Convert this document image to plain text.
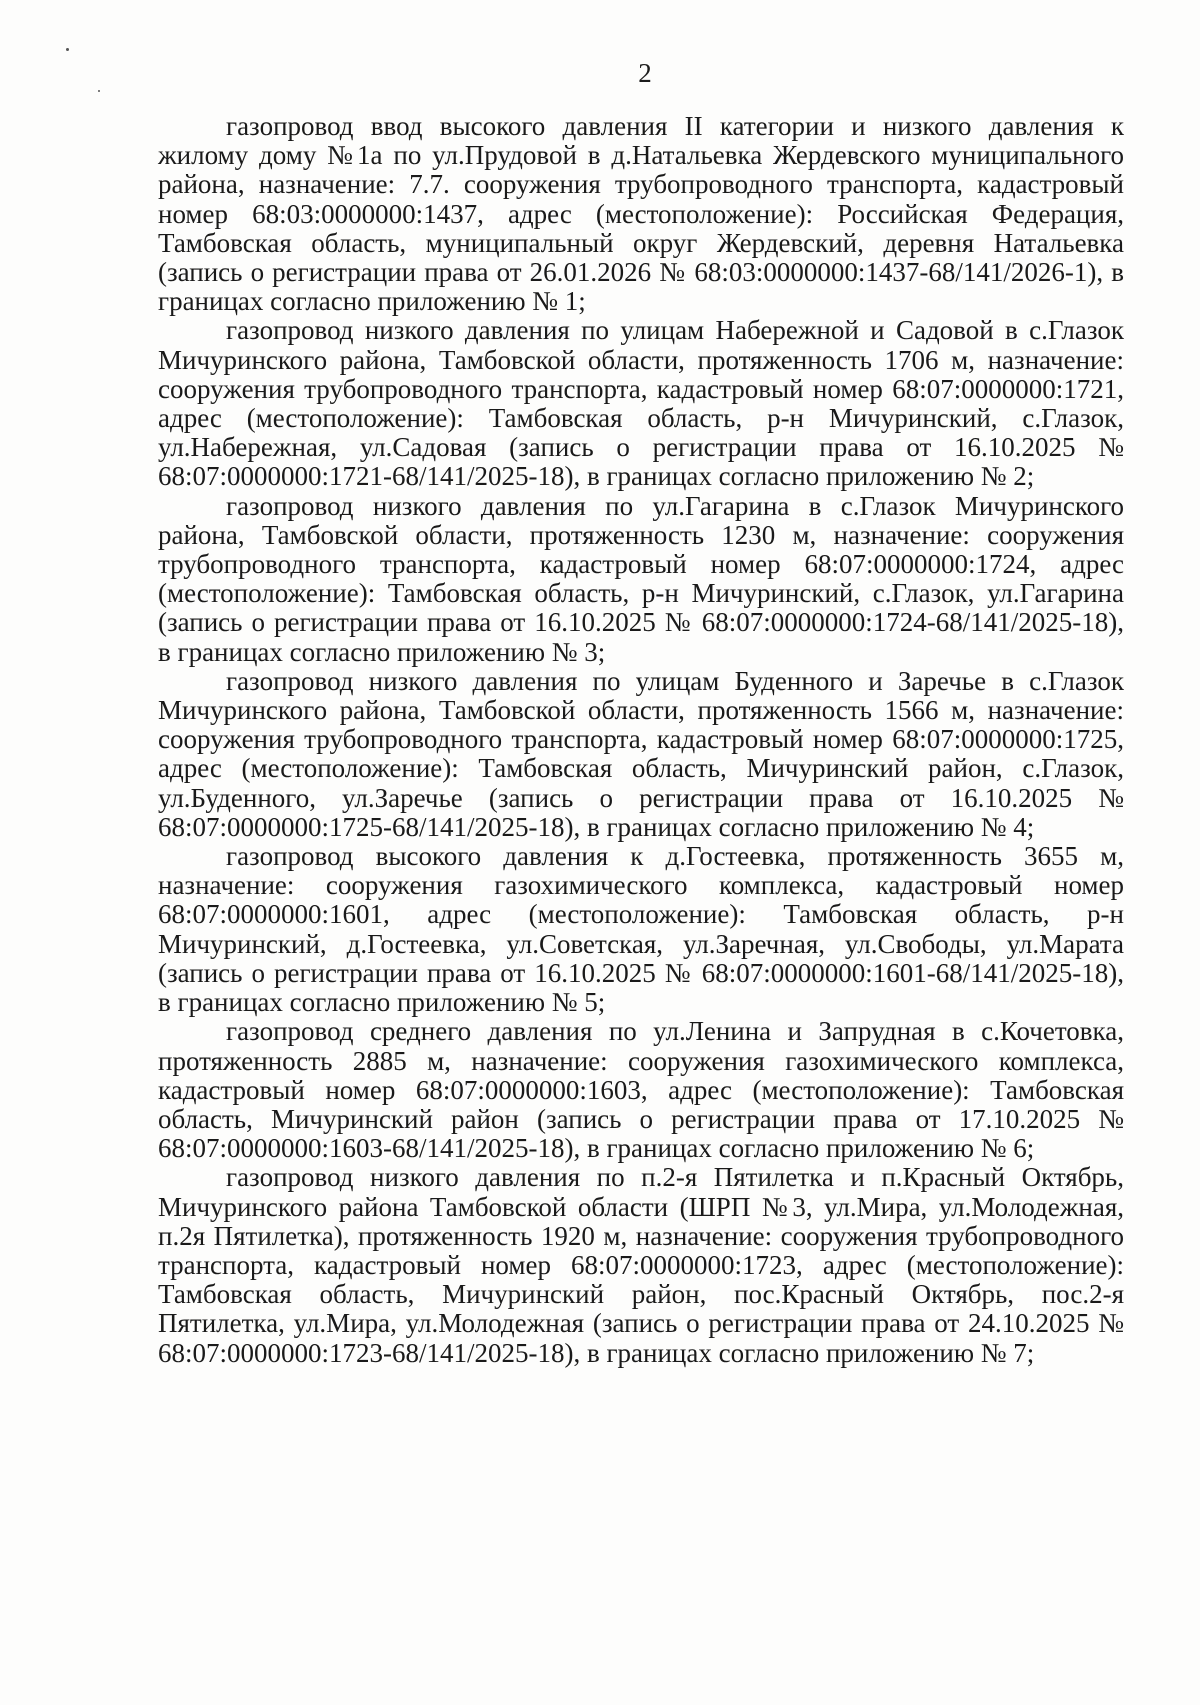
2

газопровод ввод высокого давления II категории и низкого давления к жилому дому №1а по ул.Прудовой в д.Натальевка Жердевского муниципального района, назначение: 7.7. сооружения трубопроводного транспорта, кадастровый номер 68:03:0000000:1437, адрес (местоположение): Российская Федерация, Тамбовская область, муниципальный округ Жердевский, деревня Натальевка (запись о регистрации права от 26.01.2026 № 68:03:0000000:1437-68/141/2026-1), в границах согласно приложению № 1;

газопровод низкого давления по улицам Набережной и Садовой в с.Глазок Мичуринского района, Тамбовской области, протяженность 1706 м, назначение: сооружения трубопроводного транспорта, кадастровый номер 68:07:0000000:1721, адрес (местоположение): Тамбовская область, р-н Мичуринский, с.Глазок, ул.Набережная, ул.Садовая (запись о регистрации права от 16.10.2025 № 68:07:0000000:1721-68/141/2025-18), в границах согласно приложению № 2;

газопровод низкого давления по ул.Гагарина в с.Глазок Мичуринского района, Тамбовской области, протяженность 1230 м, назначение: сооружения трубопроводного транспорта, кадастровый номер 68:07:0000000:1724, адрес (местоположение): Тамбовская область, р-н Мичуринский, с.Глазок, ул.Гагарина (запись о регистрации права от 16.10.2025 № 68:07:0000000:1724-68/141/2025-18), в границах согласно приложению № 3;

газопровод низкого давления по улицам Буденного и Заречье в с.Глазок Мичуринского района, Тамбовской области, протяженность 1566 м, назначение: сооружения трубопроводного транспорта, кадастровый номер 68:07:0000000:1725, адрес (местоположение): Тамбовская область, Мичуринский район, с.Глазок, ул.Буденного, ул.Заречье (запись о регистрации права от 16.10.2025 № 68:07:0000000:1725-68/141/2025-18), в границах согласно приложению № 4;

газопровод высокого давления к д.Гостеевка, протяженность 3655 м, назначение: сооружения газохимического комплекса, кадастровый номер 68:07:0000000:1601, адрес (местоположение): Тамбовская область, р-н Мичуринский, д.Гостеевка, ул.Советская, ул.Заречная, ул.Свободы, ул.Марата (запись о регистрации права от 16.10.2025 № 68:07:0000000:1601-68/141/2025-18), в границах согласно приложению № 5;

газопровод среднего давления по ул.Ленина и Запрудная в с.Кочетовка, протяженность 2885 м, назначение: сооружения газохимического комплекса, кадастровый номер 68:07:0000000:1603, адрес (местоположение): Тамбовская область, Мичуринский район (запись о регистрации права от 17.10.2025 № 68:07:0000000:1603-68/141/2025-18), в границах согласно приложению № 6;

газопровод низкого давления по п.2-я Пятилетка и п.Красный Октябрь, Мичуринского района Тамбовской области (ШРП №3, ул.Мира, ул.Молодежная, п.2я Пятилетка), протяженность 1920 м, назначение: сооружения трубопроводного транспорта, кадастровый номер 68:07:0000000:1723, адрес (местоположение): Тамбовская область, Мичуринский район, пос.Красный Октябрь, пос.2-я Пятилетка, ул.Мира, ул.Молодежная (запись о регистрации права от 24.10.2025 № 68:07:0000000:1723-68/141/2025-18), в границах согласно приложению № 7;
